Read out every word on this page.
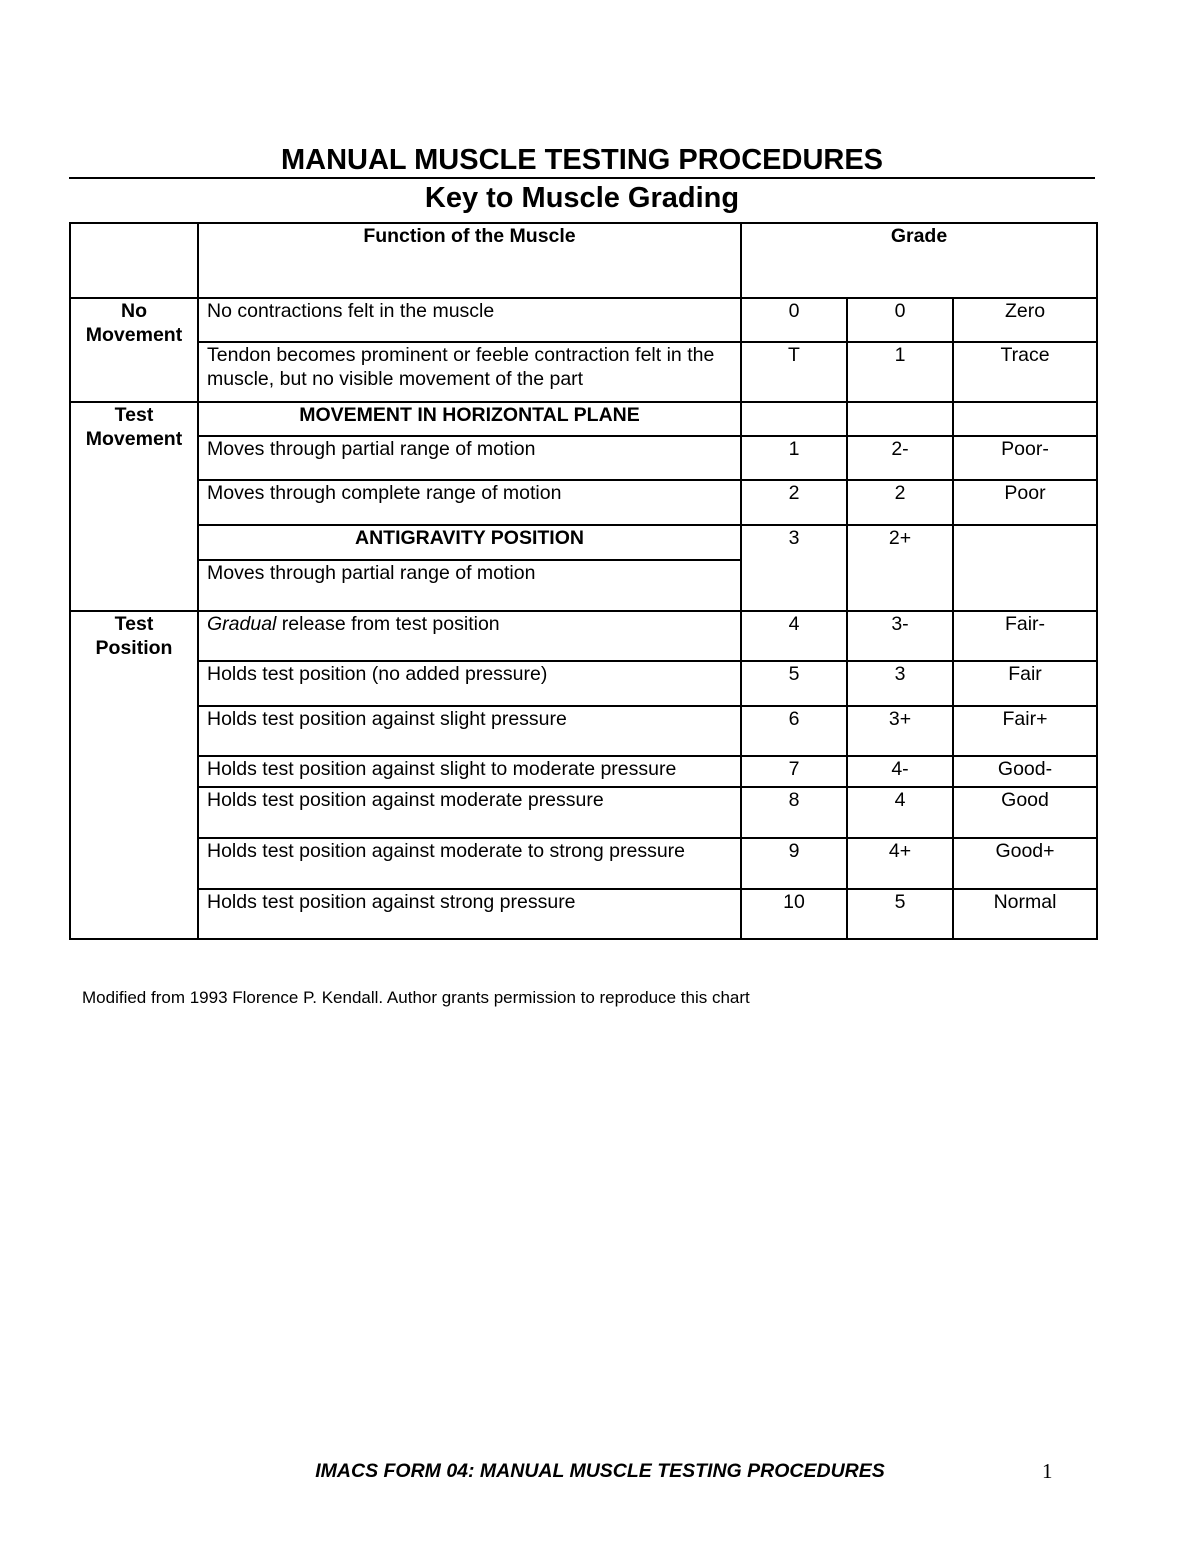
MANUAL MUSCLE TESTING PROCEDURES
Key to Muscle Grading
	Function of the Muscle	Grade		
No Movement	No contractions felt in the muscle	0	0	Zero
	Tendon becomes prominent or feeble contraction felt in the muscle, but no visible movement of the part	T	1	Trace
Test Movement	MOVEMENT IN HORIZONTAL PLANE			
	Moves through partial range of motion	1	2-	Poor-
	Moves through complete range of motion	2	2	Poor
	ANTIGRAVITY POSITION	3	2+	
	Moves through partial range of motion			
Test Position	Gradual release from test position	4	3-	Fair-
	Holds test position (no added pressure)	5	3	Fair
	Holds test position against slight pressure	6	3+	Fair+
	Holds test position against slight to moderate pressure	7	4-	Good-
	Holds test position against moderate pressure	8	4	Good
	Holds test position against moderate to strong pressure	9	4+	Good+
	Holds test position against strong pressure	10	5	Normal
Modified from 1993 Florence P. Kendall. Author grants permission to reproduce this chart
IMACS FORM 04: MANUAL MUSCLE TESTING PROCEDURES	1
